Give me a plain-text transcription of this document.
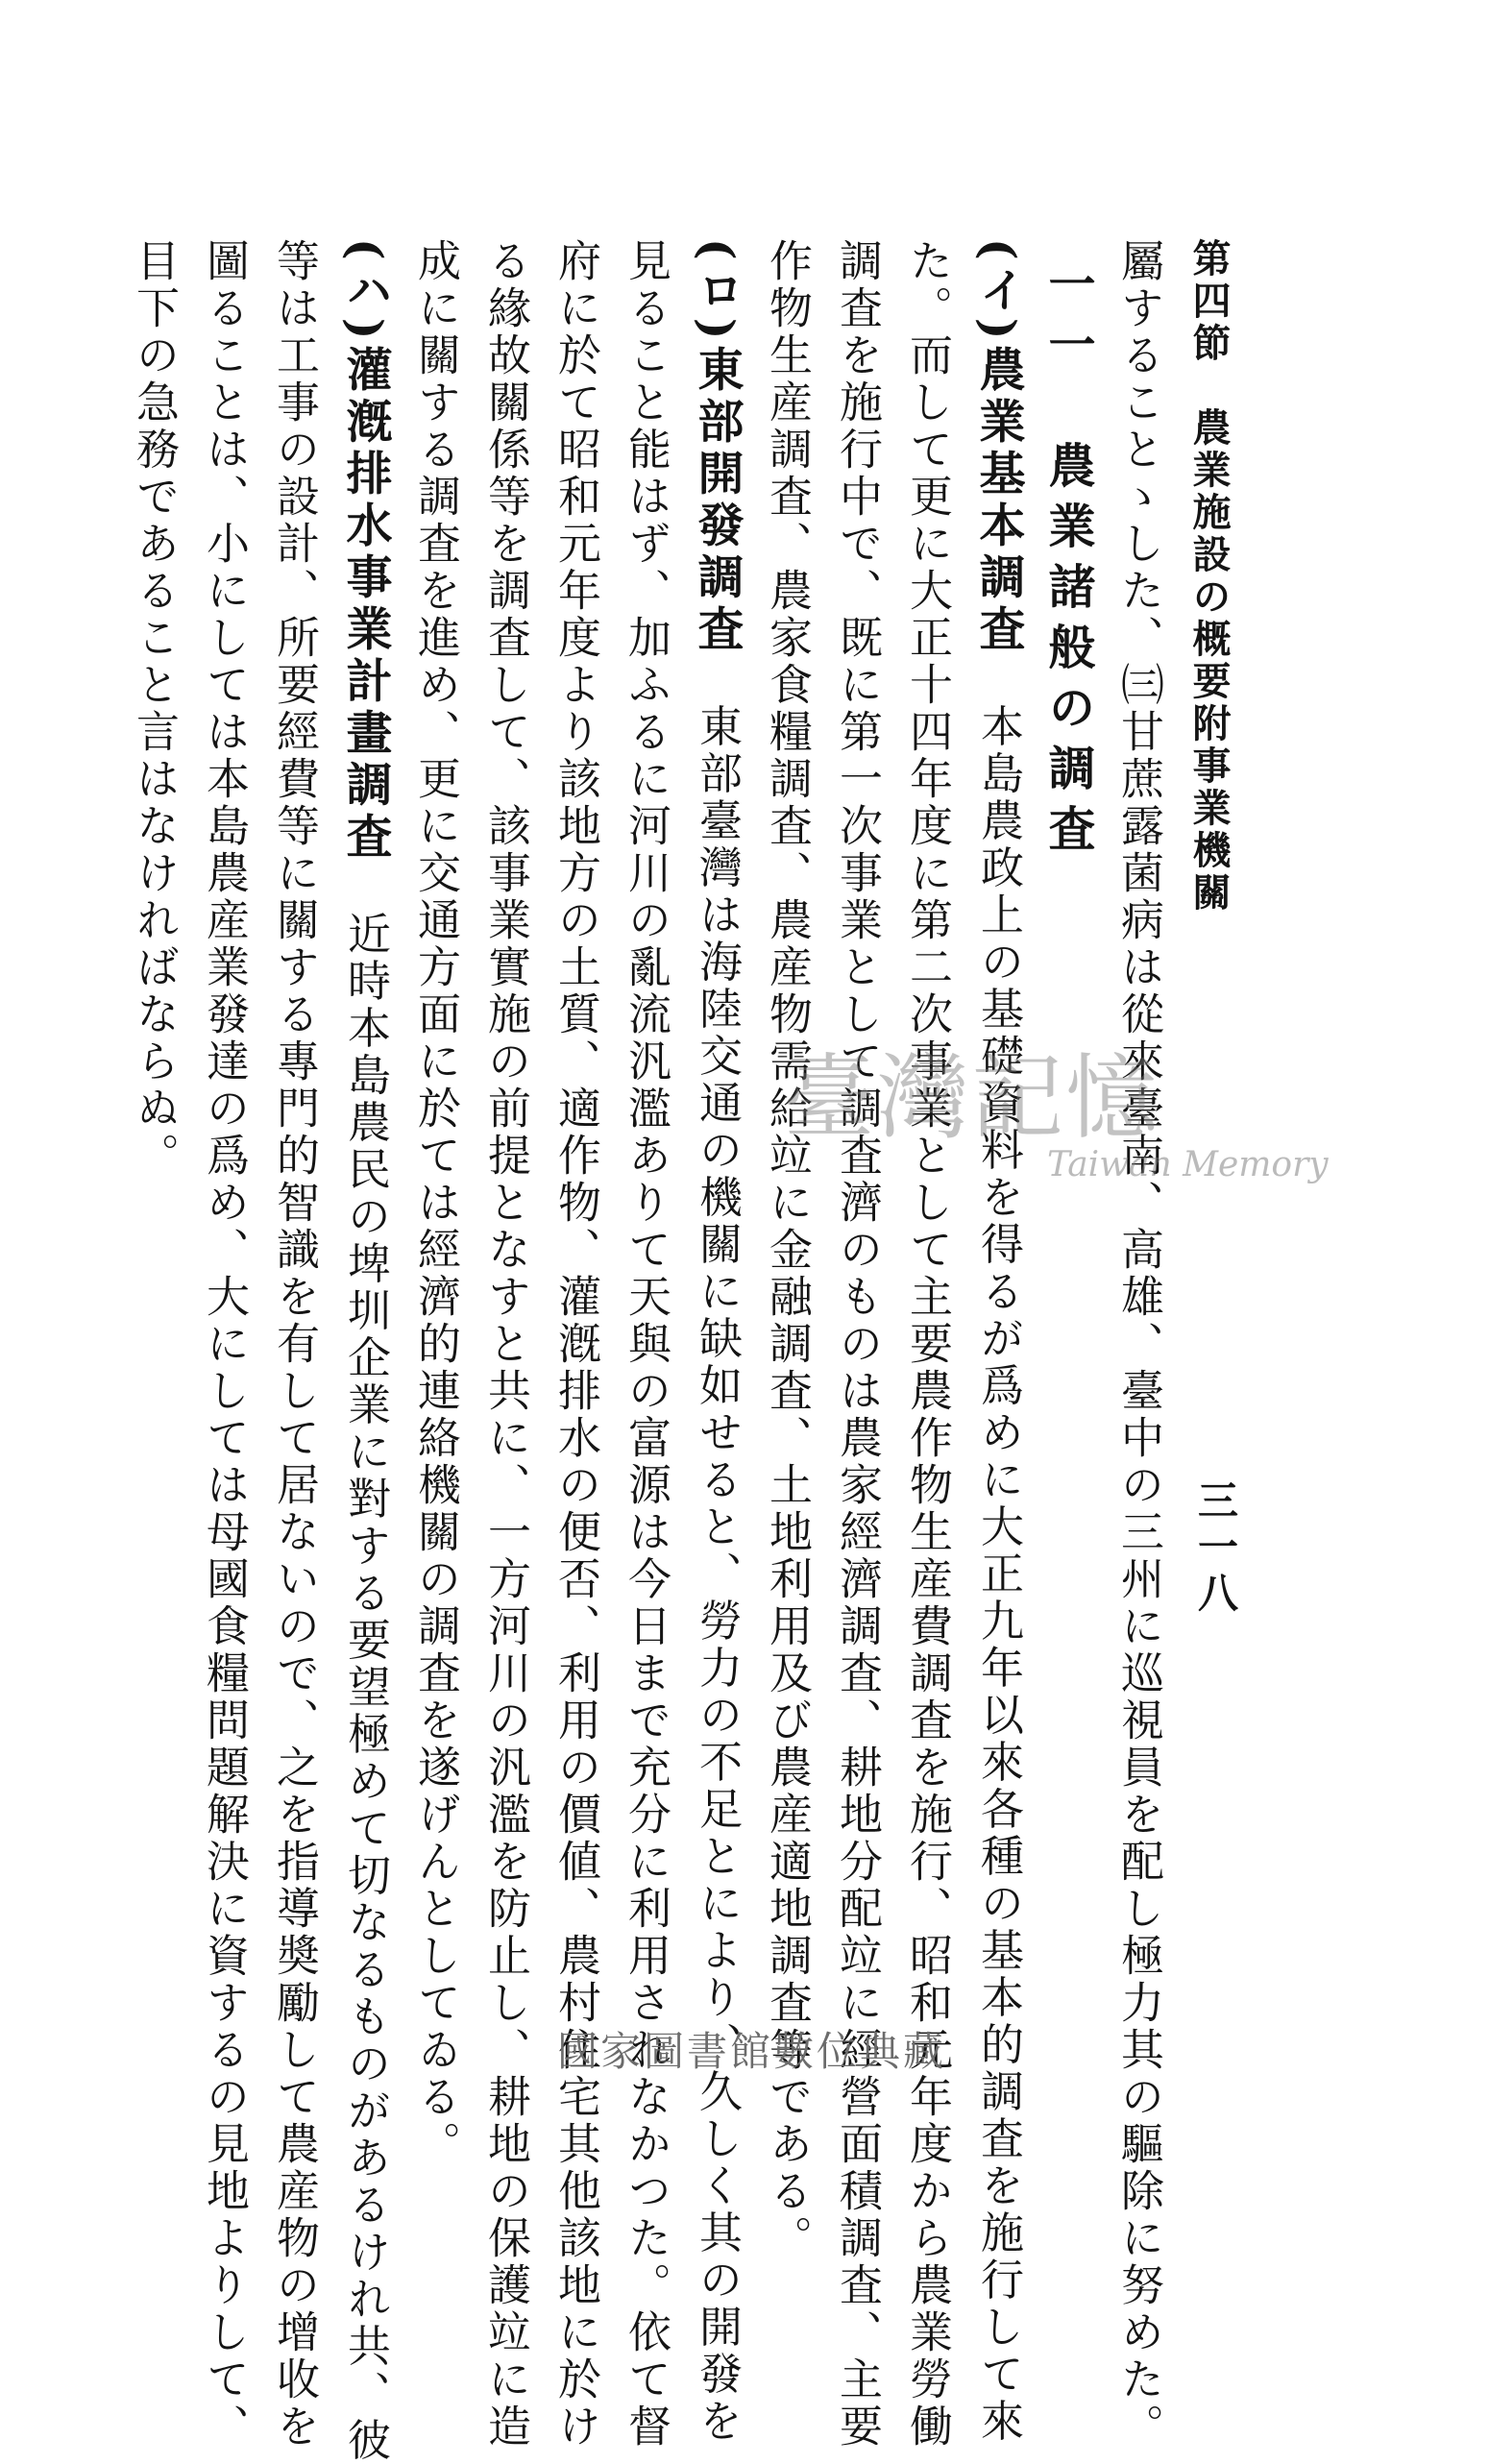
三一八
第四節　農業施設の概要附事業機關
屬することゝした、㈢甘蔗露菌病は從來臺南、高雄、臺中の三州に巡視員を配し極力其の驅除に努めた。
一一　農業諸般の調査
(イ)農業基本調査　本島農政上の基礎資料を得るが爲めに大正九年以來各種の基本的調査を施行して來
た。而して更に大正十四年度に第二次事業として主要農作物生産費調査を施行、昭和元年度から農業勞働
調査を施行中で、既に第一次事業として調査濟のものは農家經濟調査、耕地分配竝に經營面積調査、主要
作物生産調査、農家食糧調査、農産物需給竝に金融調査、土地利用及び農産適地調査等である。
(ロ)東部開發調査　東部臺灣は海陸交通の機關に缺如せると、勞力の不足とにより、久しく其の開發を
見ること能はず、加ふるに河川の亂流汎濫ありて天與の富源は今日まで充分に利用されなかつた。依て督
府に於て昭和元年度より該地方の土質、適作物、灌漑排水の便否、利用の價値、農村住宅其他該地に於け
る緣故關係等を調査して、該事業實施の前提となすと共に、一方河川の汎濫を防止し、耕地の保護竝に造
成に關する調査を進め、更に交通方面に於ては經濟的連絡機關の調査を遂げんとしてゐる。
(ハ)灌漑排水事業計畫調査　近時本島農民の埤圳企業に對する要望極めて切なるものがあるけれ共、彼
等は工事の設計、所要經費等に關する專門的智識を有して居ないので、之を指導奬勵して農産物の增收を
圖ることは、小にしては本島農産業發達の爲め、大にしては母國食糧問題解決に資するの見地よりして、
目下の急務であること言はなければならぬ。	臺灣記憶
Taiwan Memory
國家圖書館數位典藏
